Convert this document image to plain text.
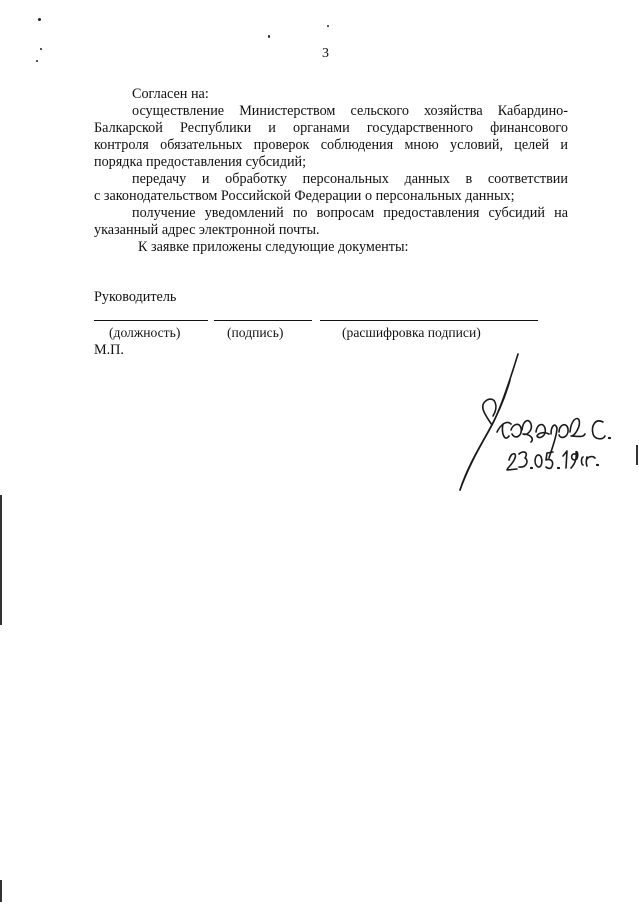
3
Согласен на:
осуществление Министерством сельского хозяйства Кабардино-
Балкарской Республики и органами государственного финансового
контроля обязательных проверок соблюдения мною условий, целей и
порядка предоставления субсидий;
передачу и обработку персональных данных в соответствии
с законодательством Российской Федерации о персональных данных;
получение уведомлений по вопросам предоставления субсидий на
указанный адрес электронной почты.
К заявке приложены следующие документы:
Руководитель
(должность)	(подпись)	(расшифровка подписи)
М.П.
